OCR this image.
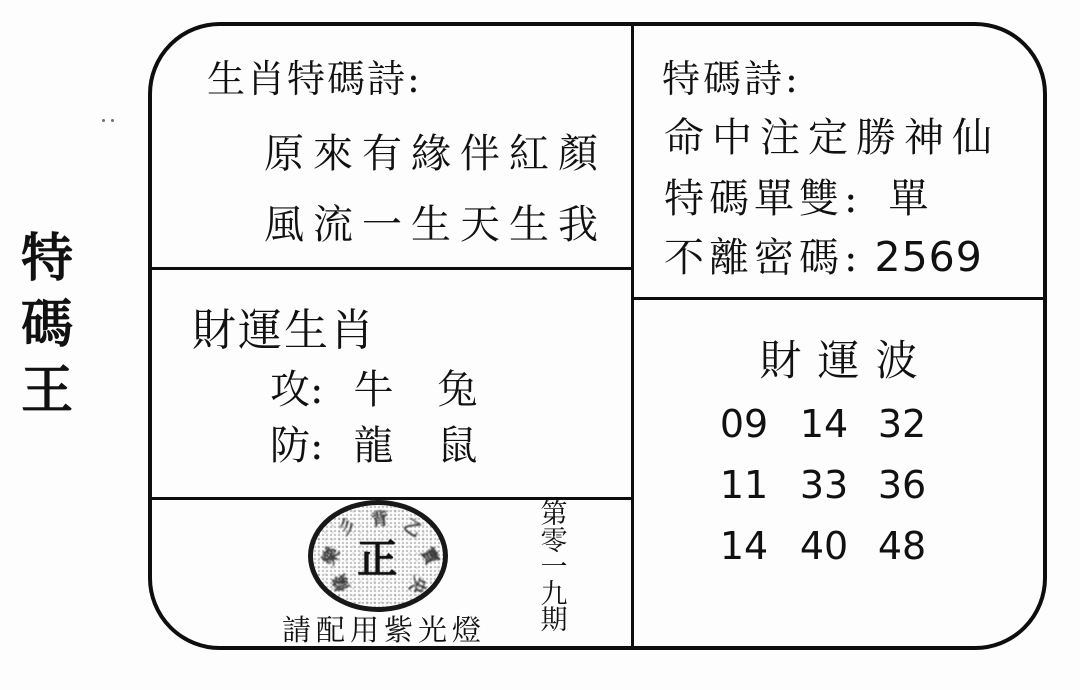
特
碼
王
生肖特碼詩:
原來有緣伴紅顏
風流一生天生我
財運生肖
攻: 牛 兔
防: 龍 鼠
彡 背 乙
寳
央
樂
絛
正
請配用紫光燈
第
零
一
九
期
特碼詩:
命中注定勝神仙
特碼單雙: 單
不離密碼: 2569
財運波
09 14 32
11 33 36
14 40 48
